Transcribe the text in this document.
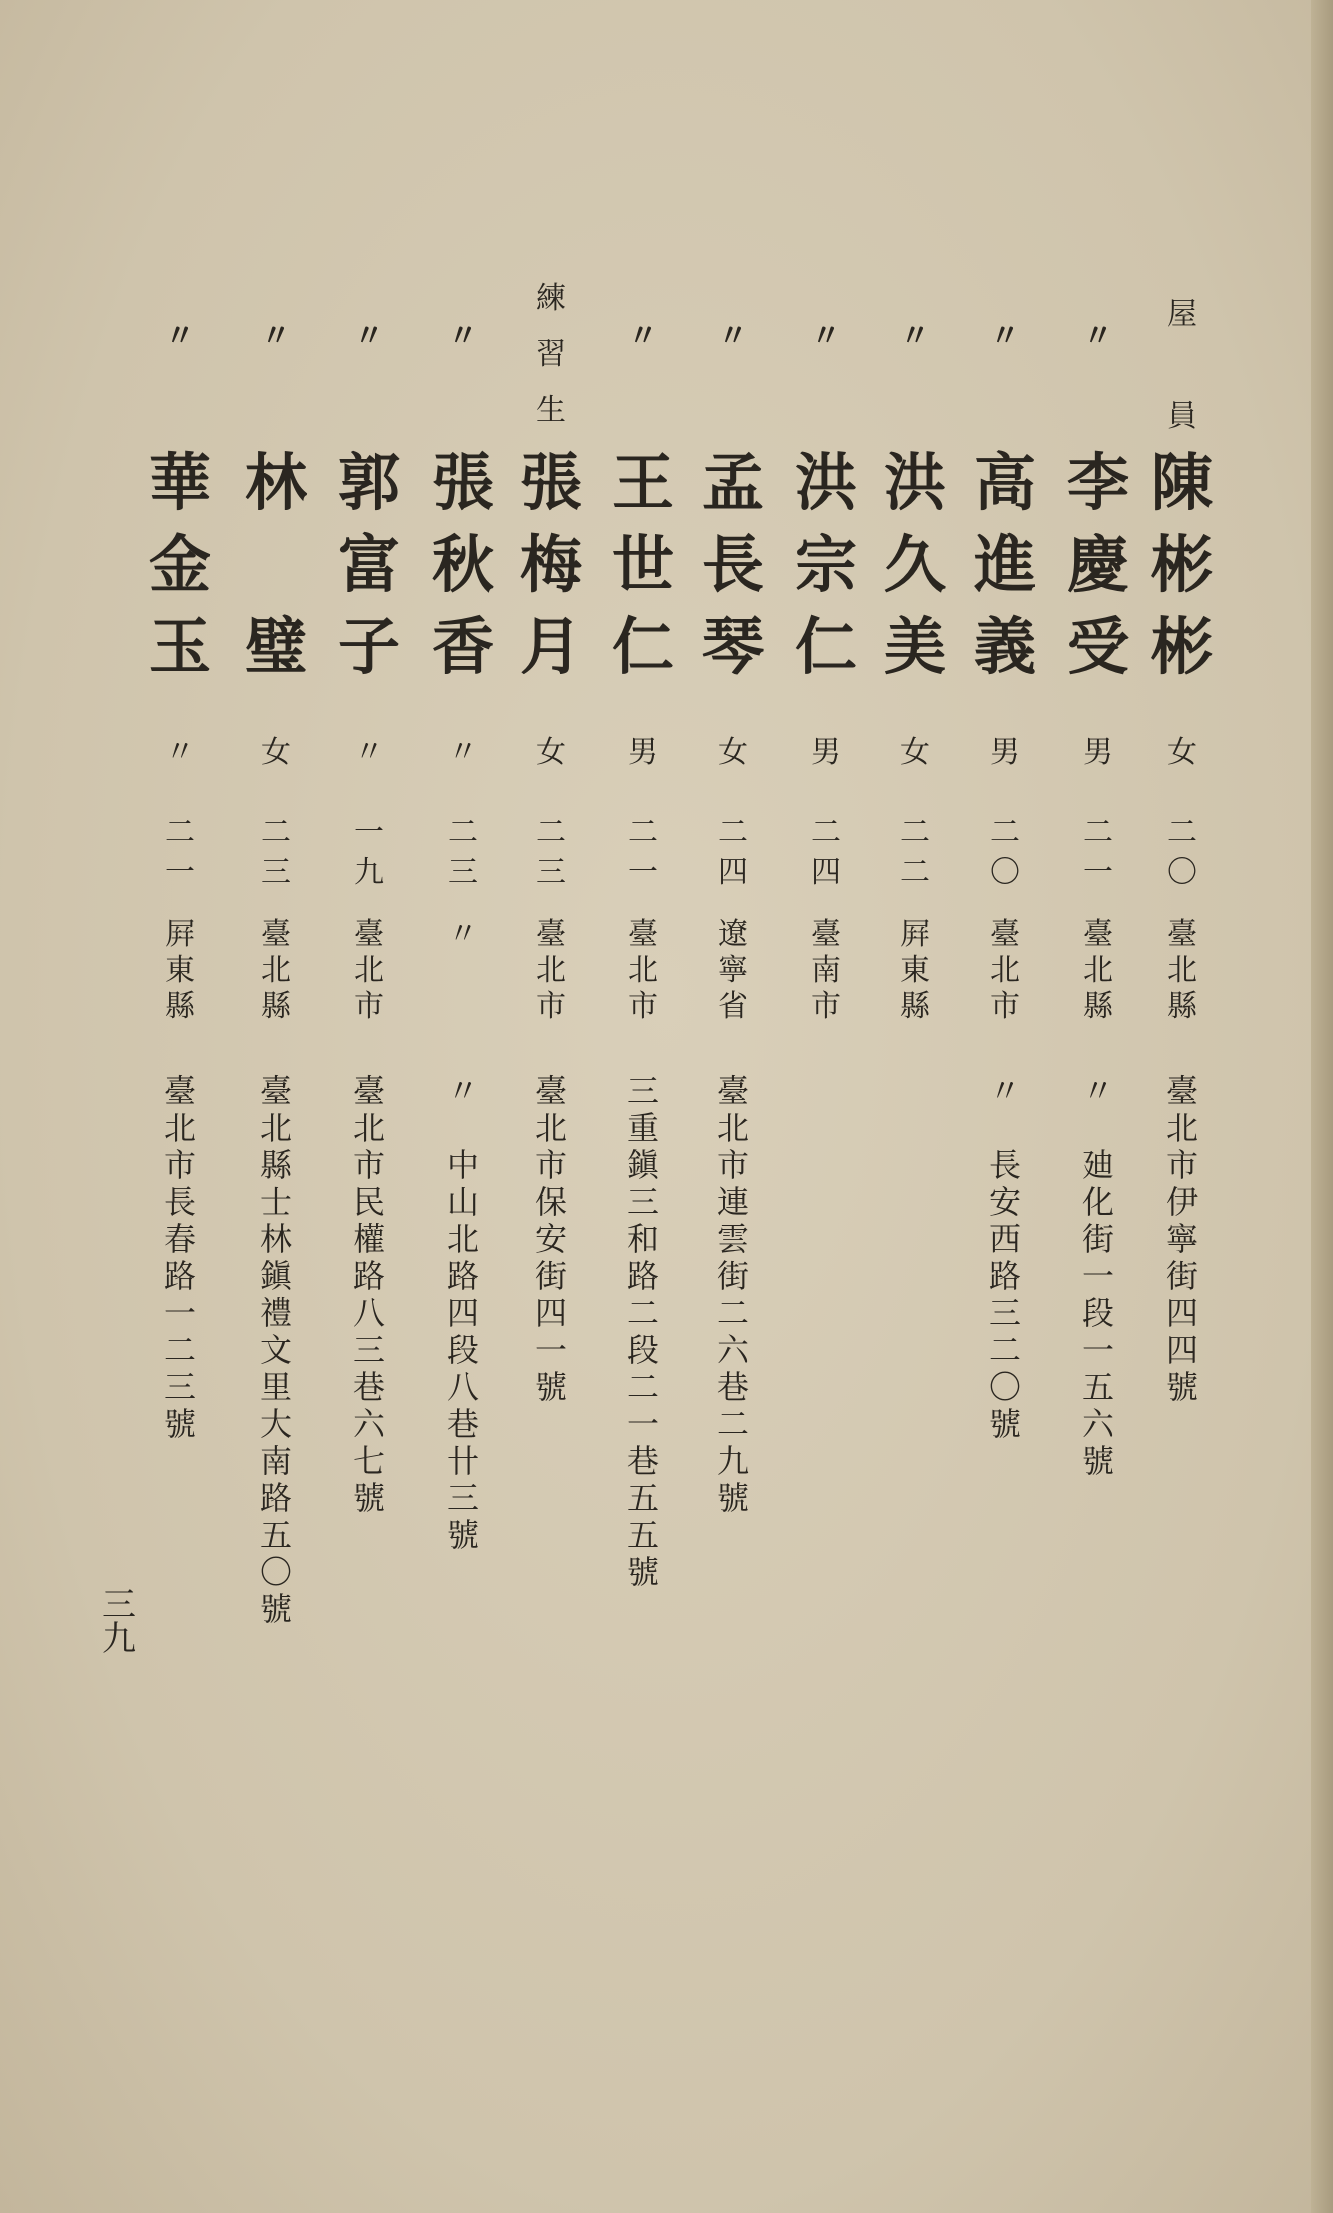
屋
員
陳
彬
彬
女
二
〇
臺
北
縣
臺
北
市
伊
寧
街
四
四
號
〃
李
慶
受
男
二
一
臺
北
縣
〃

廸
化
街
一
段
一
五
六
號
〃
高
進
義
男
二
〇
臺
北
市
〃

長
安
西
路
三
二
〇
號
〃
洪
久
美
女
二
二
屛
東
縣
〃
洪
宗
仁
男
二
四
臺
南
市
〃
孟
長
琴
女
二
四
遼
寧
省
臺
北
市
連
雲
街
二
六
巷
二
九
號
〃
王
世
仁
男
二
一
臺
北
市
三
重
鎭
三
和
路
二
段
二
一
巷
五
五
號
練
習
生
張
梅
月
女
二
三
臺
北
市
臺
北
市
保
安
街
四
一
號
〃
張
秋
香
〃
二
三
〃
〃

中
山
北
路
四
段
八
巷
卄
三
號
〃
郭
富
子
〃
一
九
臺
北
市
臺
北
市
民
權
路
八
三
巷
六
七
號
〃
林

璧
女
二
三
臺
北
縣
臺
北
縣
士
林
鎭
禮
文
里
大
南
路
五
〇
號
〃
華
金
玉
〃
二
一
屛
東
縣
臺
北
市
長
春
路
一
二
三
號
三九
